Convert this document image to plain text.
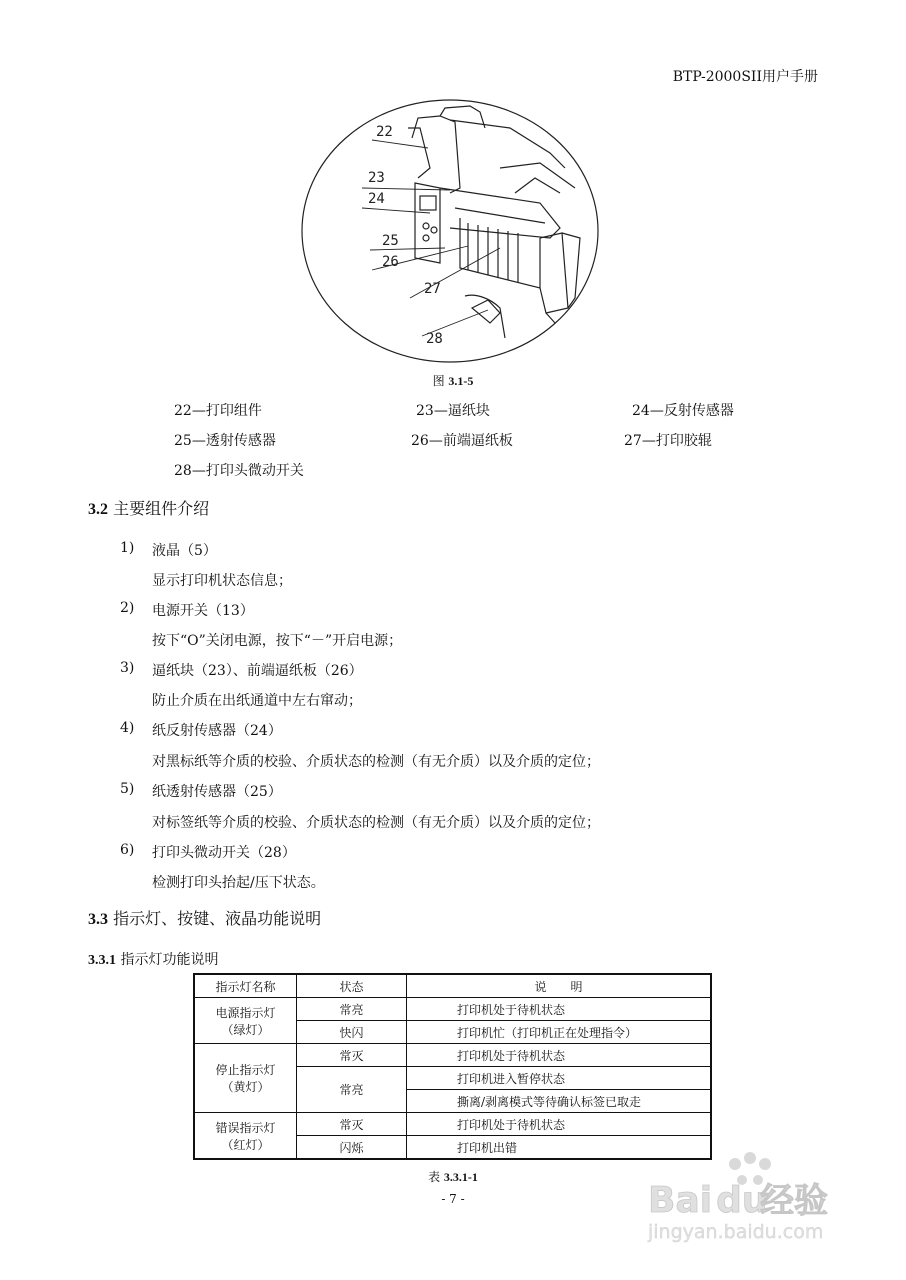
BTP-2000SII用户手册
22
23
24
25
26
27
28
图 3.1-5
22—打印组件	23—逼纸块	24—反射传感器
25—透射传感器	26—前端逼纸板	27—打印胶辊
28—打印头微动开关
3.2 主要组件介绍
1) 液晶（5）
显示打印机状态信息；
2) 电源开关（13）
按下“O”关闭电源，按下“－”开启电源；
3) 逼纸块（23）、前端逼纸板（26）
防止介质在出纸通道中左右窜动；
4) 纸反射传感器（24）
对黑标纸等介质的校验、介质状态的检测（有无介质）以及介质的定位；
5) 纸透射传感器（25）
对标签纸等介质的校验、介质状态的检测（有无介质）以及介质的定位；
6) 打印头微动开关（28）
检测打印头抬起/压下状态。
3.3 指示灯、按键、液晶功能说明
3.3.1 指示灯功能说明
指示灯名称	状态	说　　明

电源指示灯
（绿灯）	常亮	打印机处于待机状态
	快闪	打印机忙（打印机正在处理指令）

停止指示灯
（黄灯）	常灭	打印机处于待机状态
	常亮	打印机进入暂停状态
		撕离/剥离模式等待确认标签已取走

错误指示灯
（红灯）	常灭	打印机处于待机状态
	闪烁	打印机出错
表 3.3.1-1
- 7 -	Bai du
经验
jingyan.baidu.com
